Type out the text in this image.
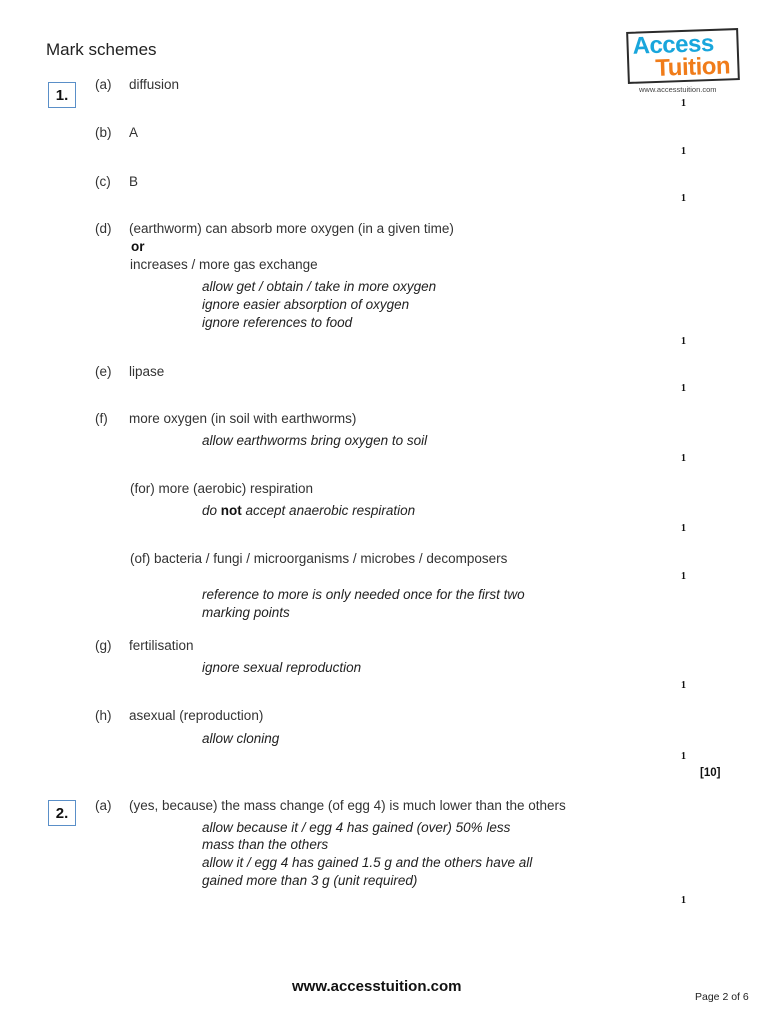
Mark schemes	Access
Tuition
www.accesstuition.com
1.
(a) diffusion
1
(b) A
1
(c) B
1
(d) (earthworm) can absorb more oxygen (in a given time)
or
increases / more gas exchange
allow get / obtain / take in more oxygen
ignore easier absorption of oxygen
ignore references to food
1
(e) lipase
1
(f) more oxygen (in soil with earthworms)
allow earthworms bring oxygen to soil
1
(for) more (aerobic) respiration
do not accept anaerobic respiration
1
(of) bacteria / fungi / microorganisms / microbes / decomposers
1
reference to more is only needed once for the first two
marking points
(g) fertilisation
ignore sexual reproduction
1
(h) asexual (reproduction)
allow cloning
1
[10]
2.	(a) (yes, because) the mass change (of egg 4) is much lower than the others
allow because it / egg 4 has gained (over) 50% less
mass than the others
allow it / egg 4 has gained 1.5 g and the others have all
gained more than 3 g (unit required)
1
www.accesstuition.com
Page 2 of 6
